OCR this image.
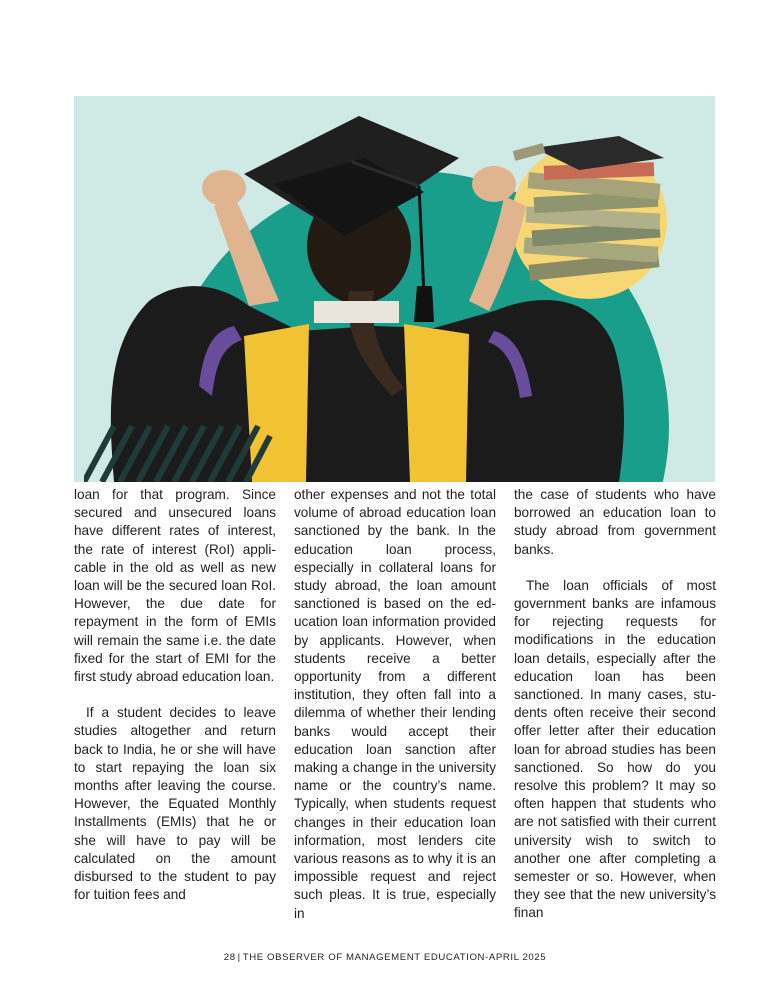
loan for that program. Since secured and unsecured loans have different rates of interest, the rate of interest (RoI) applicable in the old as well as new loan will be the secured loan RoI. However, the due date for repayment in the form of EMIs will remain the same i.e. the date fixed for the start of EMI for the first study abroad education loan.

If a student decides to leave studies altogether and return back to India, he or she will have to start repaying the loan six months after leaving the course. However, the Equated Monthly Installments (EMIs) that he or she will have to pay will be calculated on the amount disbursed to the student to pay for tuition fees and

other expenses and not the total volume of abroad education loan sanctioned by the bank. In the education loan process, especially in collateral loans for study abroad, the loan amount sanctioned is based on the education loan information provided by applicants. However, when students receive a better opportunity from a different institution, they often fall into a dilemma of whether their lending banks would accept their education loan sanction after making a change in the university name or the country’s name. Typically, when students request changes in their education loan information, most lenders cite various reasons as to why it is an impossible request and reject such pleas. It is true, especially in

the case of students who have borrowed an education loan to study abroad from government banks.

The loan officials of most government banks are infamous for rejecting requests for modifications in the education loan details, especially after the education loan has been sanctioned. In many cases, students often receive their second offer letter after their education loan for abroad studies has been sanctioned. So how do you resolve this problem? It may so often happen that students who are not satisfied with their current university wish to switch to another one after completing a semester or so. However, when they see that the new university’s finan

28 | THE OBSERVER OF MANAGEMENT EDUCATION-APRIL 2025
